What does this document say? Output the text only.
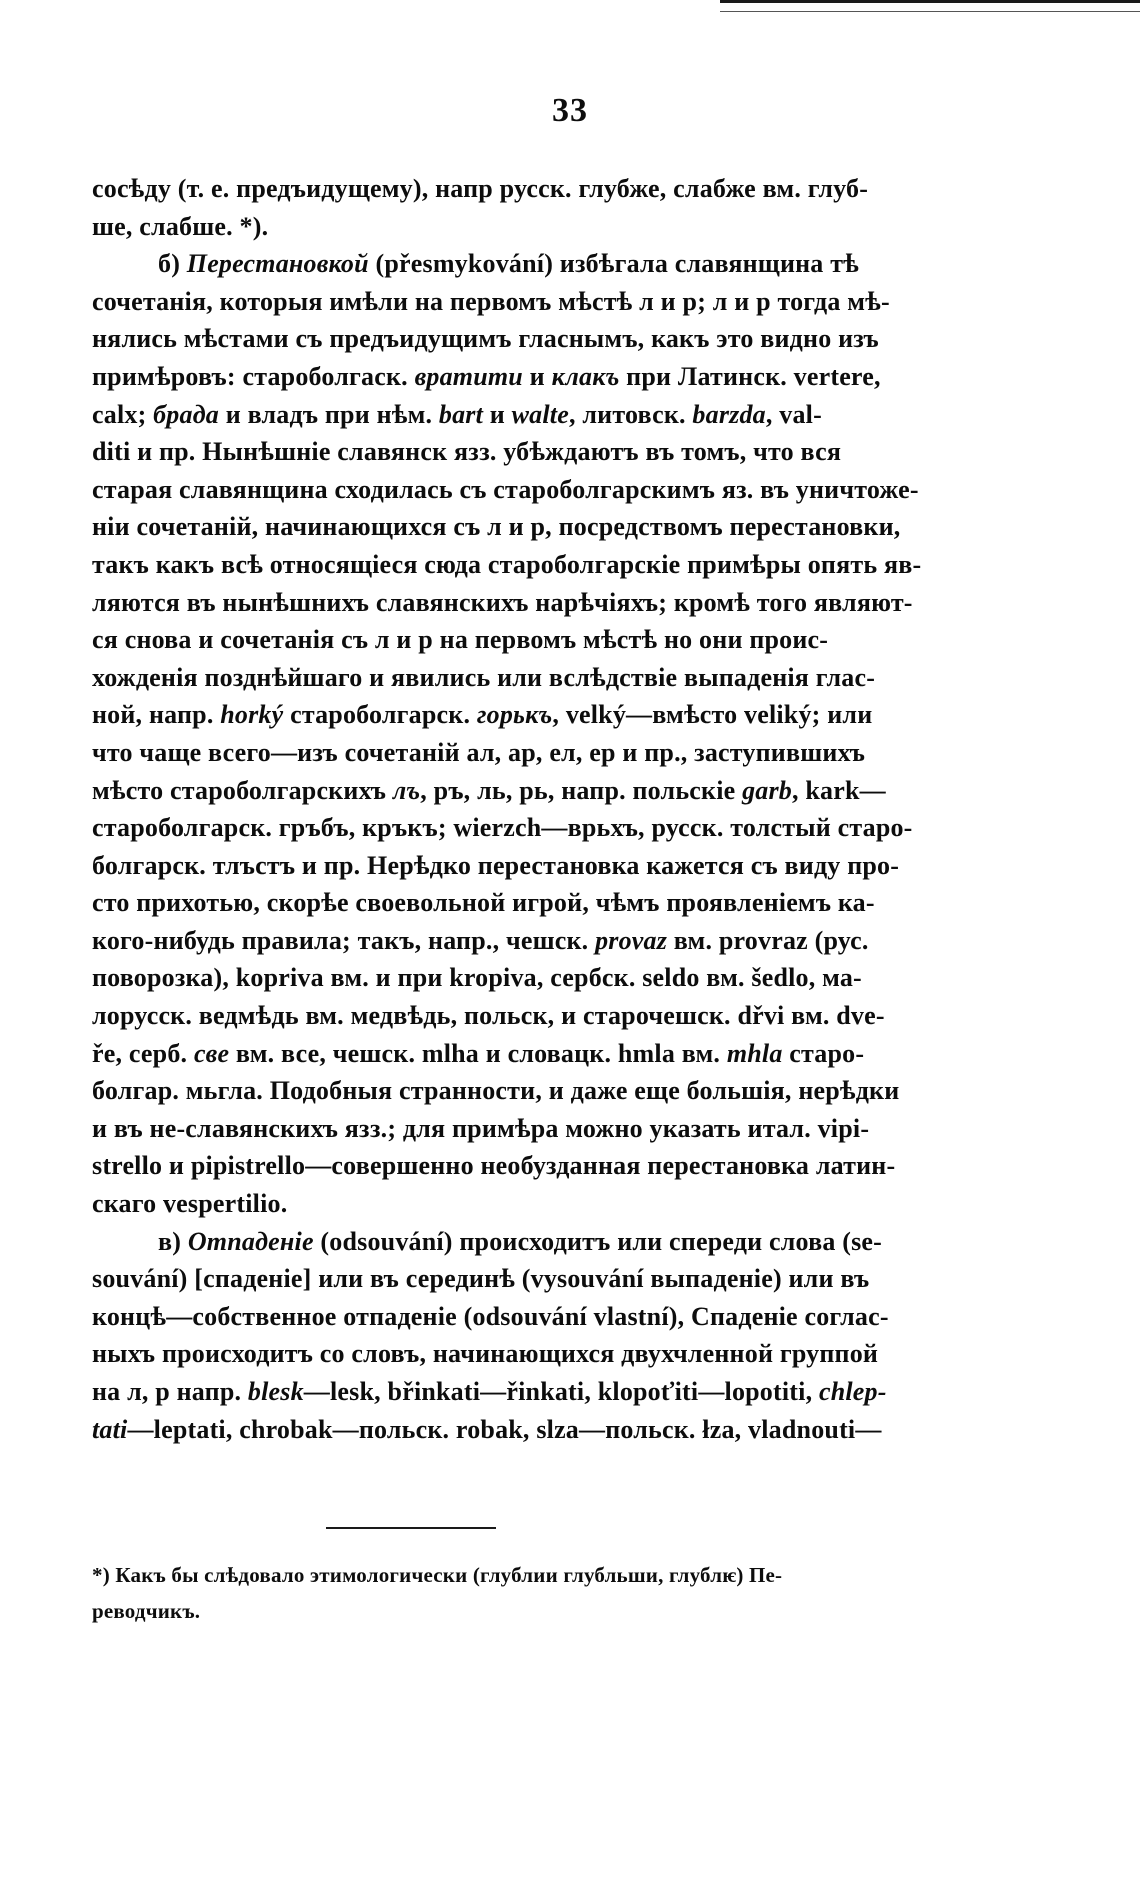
33
сосѣду (т. е. предъидущему), напр русск. глубже, слабже вм. глуб-
ше, слабше. *).
б) Перестановкой (přesmykování) избѣгала славянщина тѣ
сочетанія, которыя имѣли на первомъ мѣстѣ л и р; л и р тогда мѣ-
нялись мѣстами съ предъидущимъ гласнымъ, какъ это видно изъ
примѣровъ: староболгаск. вратити и клакъ при Латинск. vertere,
calx; брада и владъ при нѣм. bart и walte, литовск. barzda, val-
diti и пр. Нынѣшніе славянск язз. убѣждаютъ въ томъ, что вся
старая славянщина сходилась съ староболгарскимъ яз. въ уничтоже-
ніи сочетаній, начинающихся съ л и р, посредствомъ перестановки,
такъ какъ всѣ относящіеся сюда староболгарскіе примѣры опять яв-
ляются въ нынѣшнихъ славянскихъ нарѣчіяхъ; кромѣ того являют-
ся снова и сочетанія съ л и р на первомъ мѣстѣ но они проис-
хожденія позднѣйшаго и явились или вслѣдствіе выпаденія глас-
ной, напр. horký староболгарск. горькъ, velký—вмѣсто veliký; или
что чаще всего—изъ сочетаній ал, ар, ел, ер и пр., заступившихъ
мѣсто староболгарскихъ лъ, ръ, ль, рь, напр. польскіе garb, kark—
староболгарск. гръбъ, кръкъ; wierzch—врьхъ, русск. толстый старо-
болгарск. тлъстъ и пр. Нерѣдко перестановка кажется съ виду про-
сто прихотью, скорѣе своевольной игрой, чѣмъ проявленіемъ ка-
кого-нибудь правила; такъ, напр., чешск. provaz вм. provraz (рус.
поворозка), kopriva вм. и при kropiva, сербск. seldo вм. šedlo, ма-
лорусск. ведмѣдь вм. медвѣдь, польск, и старочешск. dřvi вм. dve-
ře, серб. свe вм. все, чешск. mlha и словацк. hmla вм. mhla старо-
болгар. мьгла. Подобныя странности, и даже еще большія, нерѣдки
и въ не-славянскихъ язз.; для примѣра можно указать итал. vipi-
strello и pipistrello—совершенно необузданная перестановка латин-
скаго vespertilio.
в) Отпаденіе (odsouvání) происходитъ или спереди слова (se-
souvání) [спаденіе] или въ серединѣ (vysouvání выпаденіе) или въ
концѣ—собственное отпаденіе (odsouvání vlastní), Спаденіе соглас-
ныхъ происходитъ со словъ, начинающихся двухчленной группой
на л, р напр. blesk—lesk, břinkati—řinkati, klopoťiti—lopotiti, chlep-
tati—leptati, chrobak—польск. robak, slza—польск. łza, vladnouti—
*) Какъ бы слѣдовало этимологически (глублии глубльши, глублѥ) Пе-
реводчикъ.
